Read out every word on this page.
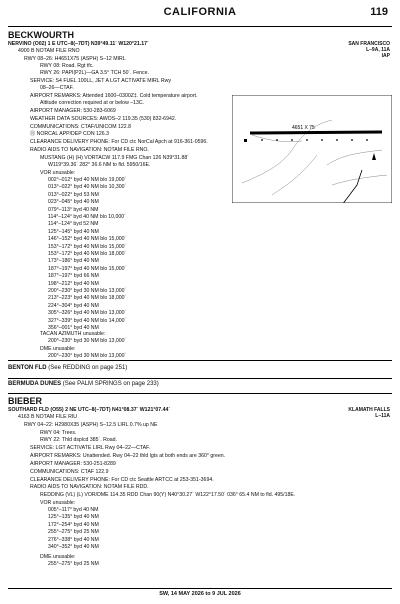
CALIFORNIA	119
BECKWOURTH
NERVINO (O02) 1 E UTC–8(–7DT) N39°49.11´ W120°21.17´
4900 B NOTAM FILE RNO
SAN FRANCISCO
L–9A, 11A
IAP
RWY 08–26: H4651X75 (ASPH) S–12 MIRL
RWY 08: Road. Rgt tfc.
RWY 26: PAPI(P2L)—GA 3.5° TCH 50´. Fence.
SERVICE: S4 FUEL 100LL, JET A LGT ACTIVATE MIRL Rwy
08–26—CTAF.
AIRPORT REMARKS: Attended 1600–0300Z‡. Cold temperature airport.
Altitude correction required at or below –13C.
AIRPORT MANAGER: 530-283-6069
WEATHER DATA SOURCES: AWOS–2 119.35 (530) 832-6942.
COMMUNICATIONS: CTAF/UNICOM 122.8
Ⓡ NORCAL APP/DEP CON 126.3
CLEARANCE DELIVERY PHONE: For CD ctc NorCal Apch at 916-361-0596.
RADIO AIDS TO NAVIGATION: NOTAM FILE RNO.
MUSTANG (H) (H) VORTACW 117.9 FMG Chan 126 N39°31.88´
W119°39.36´ 282° 36.6 NM to fld. 5950/16E.
VOR unusable:
002°–012° byd 40 NM blo 19,000´
013°–022° byd 40 NM blo 10,300´
013°–022° byd 53 NM
023°–045° byd 40 NM
079°–113° byd 40 NM
114°–124° byd 40 NM blo 10,000´
114°–124° byd 52 NM
125°–145° byd 40 NM
146°–152° byd 40 NM blo 15,000´
153°–172° byd 40 NM blo 15,000´
153°–172° byd 40 NM blo 18,000´
173°–186° byd 40 NM
187°–197° byd 40 NM blo 15,000´
187°–197° byd 66 NM
198°–212° byd 40 NM
200°–230° byd 30 NM blo 13,000´
213°–223° byd 40 NM blo 18,000´
224°–304° byd 40 NM
305°–326° byd 40 NM blo 13,000´
327°–339° byd 40 NM blo 14,000´
356°–001° byd 40 NM
TACAN AZIMUTH unusable:
200°–230° byd 30 NM blo 13,000´
DME unusable:
200°–230° byd 30 NM blo 13,000´
4651 X 75
BENTON FLD (See REDDING on page 251)
BERMUDA DUNES (See PALM SPRINGS on page 233)
BIEBER
SOUTHARD FLD (O55) 2 NE UTC–8(–7DT) N41°08.37´ W121°07.44´
4163 B NOTAM FILE RIU
KLAMATH FALLS
L–11A
RWY 04–22: H2980X35 (ASPH) S–12.5 LIRL 0.7% up NE
RWY 04: Trees.
RWY 22: Thld dsplcd 385´. Road.
SERVICE: LGT ACTIVATE LIRL Rwy 04–22—CTAF.
AIRPORT REMARKS: Unattended. Rwy 04–22 thld lgts at both ends are 360° green.
AIRPORT MANAGER: 530-251-8289
COMMUNICATIONS: CTAF 122.9
CLEARANCE DELIVERY PHONE: For CD ctc Seattle ARTCC at 253-351-3694.
RADIO AIDS TO NAVIGATION: NOTAM FILE RDD.
REDDING (VL) (L) VOR/DME 114.35 RDD Chan 90(Y) N40°30.27´ W122°17.50´ 036° 65.4 NM to fld. 495/18E.
VOR unusable:
005°–117° byd 40 NM
125°–135° byd 40 NM
172°–254° byd 40 NM
255°–275° byd 25 NM
276°–338° byd 40 NM
340°–352° byd 40 NM
DME unusable:
255°–275° byd 25 NM
SW, 14 MAY 2026 to 9 JUL 2026
